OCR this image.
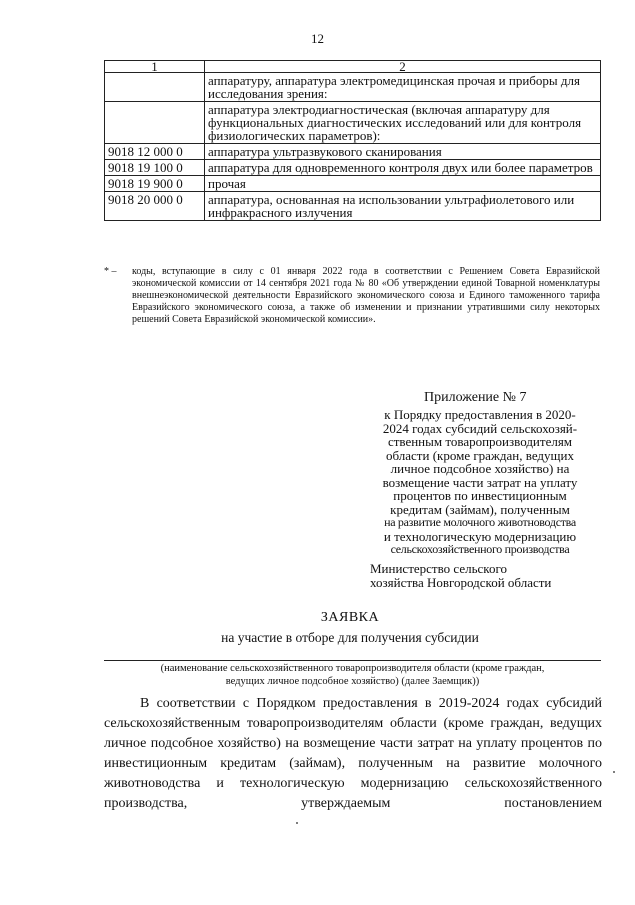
12
1	2
	аппаратуру, аппаратура электромедицинская прочая и приборы для исследования зрения:
	аппаратура электродиагностическая (включая аппаратуру для функциональных диагностических исследований или для контроля физиологических параметров):
9018 12 000 0	аппаратура ультразвукового сканирования
9018 19 100 0	аппаратура для одновременного контроля двух или более параметров
9018 19 900 0	прочая
9018 20 000 0	аппаратура, основанная на использовании ультрафиолетового или инфракрасного излучения
* – коды, вступающие в силу с 01 января 2022 года в соответствии с Решением Совета Евразийской экономической комиссии от 14 сентября 2021 года № 80 «Об утверждении единой Товарной номенклатуры внешнеэкономической деятельности Евразийского экономического союза и Единого таможенного тарифа Евразийского экономического союза, а также об изменении и признании утратившими силу некоторых решений Совета Евразийской экономической комиссии».
Приложение № 7
к Порядку предоставления в 2020-
2024 годах субсидий сельскохозяй-
ственным товаропроизводителям
области (кроме граждан, ведущих
личное подсобное хозяйство) на
возмещение части затрат на уплату
процентов по инвестиционным
кредитам (займам), полученным
на развитие молочного животноводства
и технологическую модернизацию
сельскохозяйственного производства
Министерство сельского
хозяйства Новгородской области
ЗАЯВКА
на участие в отборе для получения субсидии
(наименование сельскохозяйственного товаропроизводителя области (кроме граждан,
ведущих личное подсобное хозяйство) (далее Заемщик))
В соответствии с Порядком предоставления в 2019-2024 годах субсидий сельскохозяйственным товаропроизводителям области (кроме граждан, ведущих личное подсобное хозяйство) на возмещение части затрат на уплату процентов по инвестиционным кредитам (займам), полученным на развитие молочного животноводства и технологическую модернизацию сельскохозяйственного производства, утверждаемым постановлением
